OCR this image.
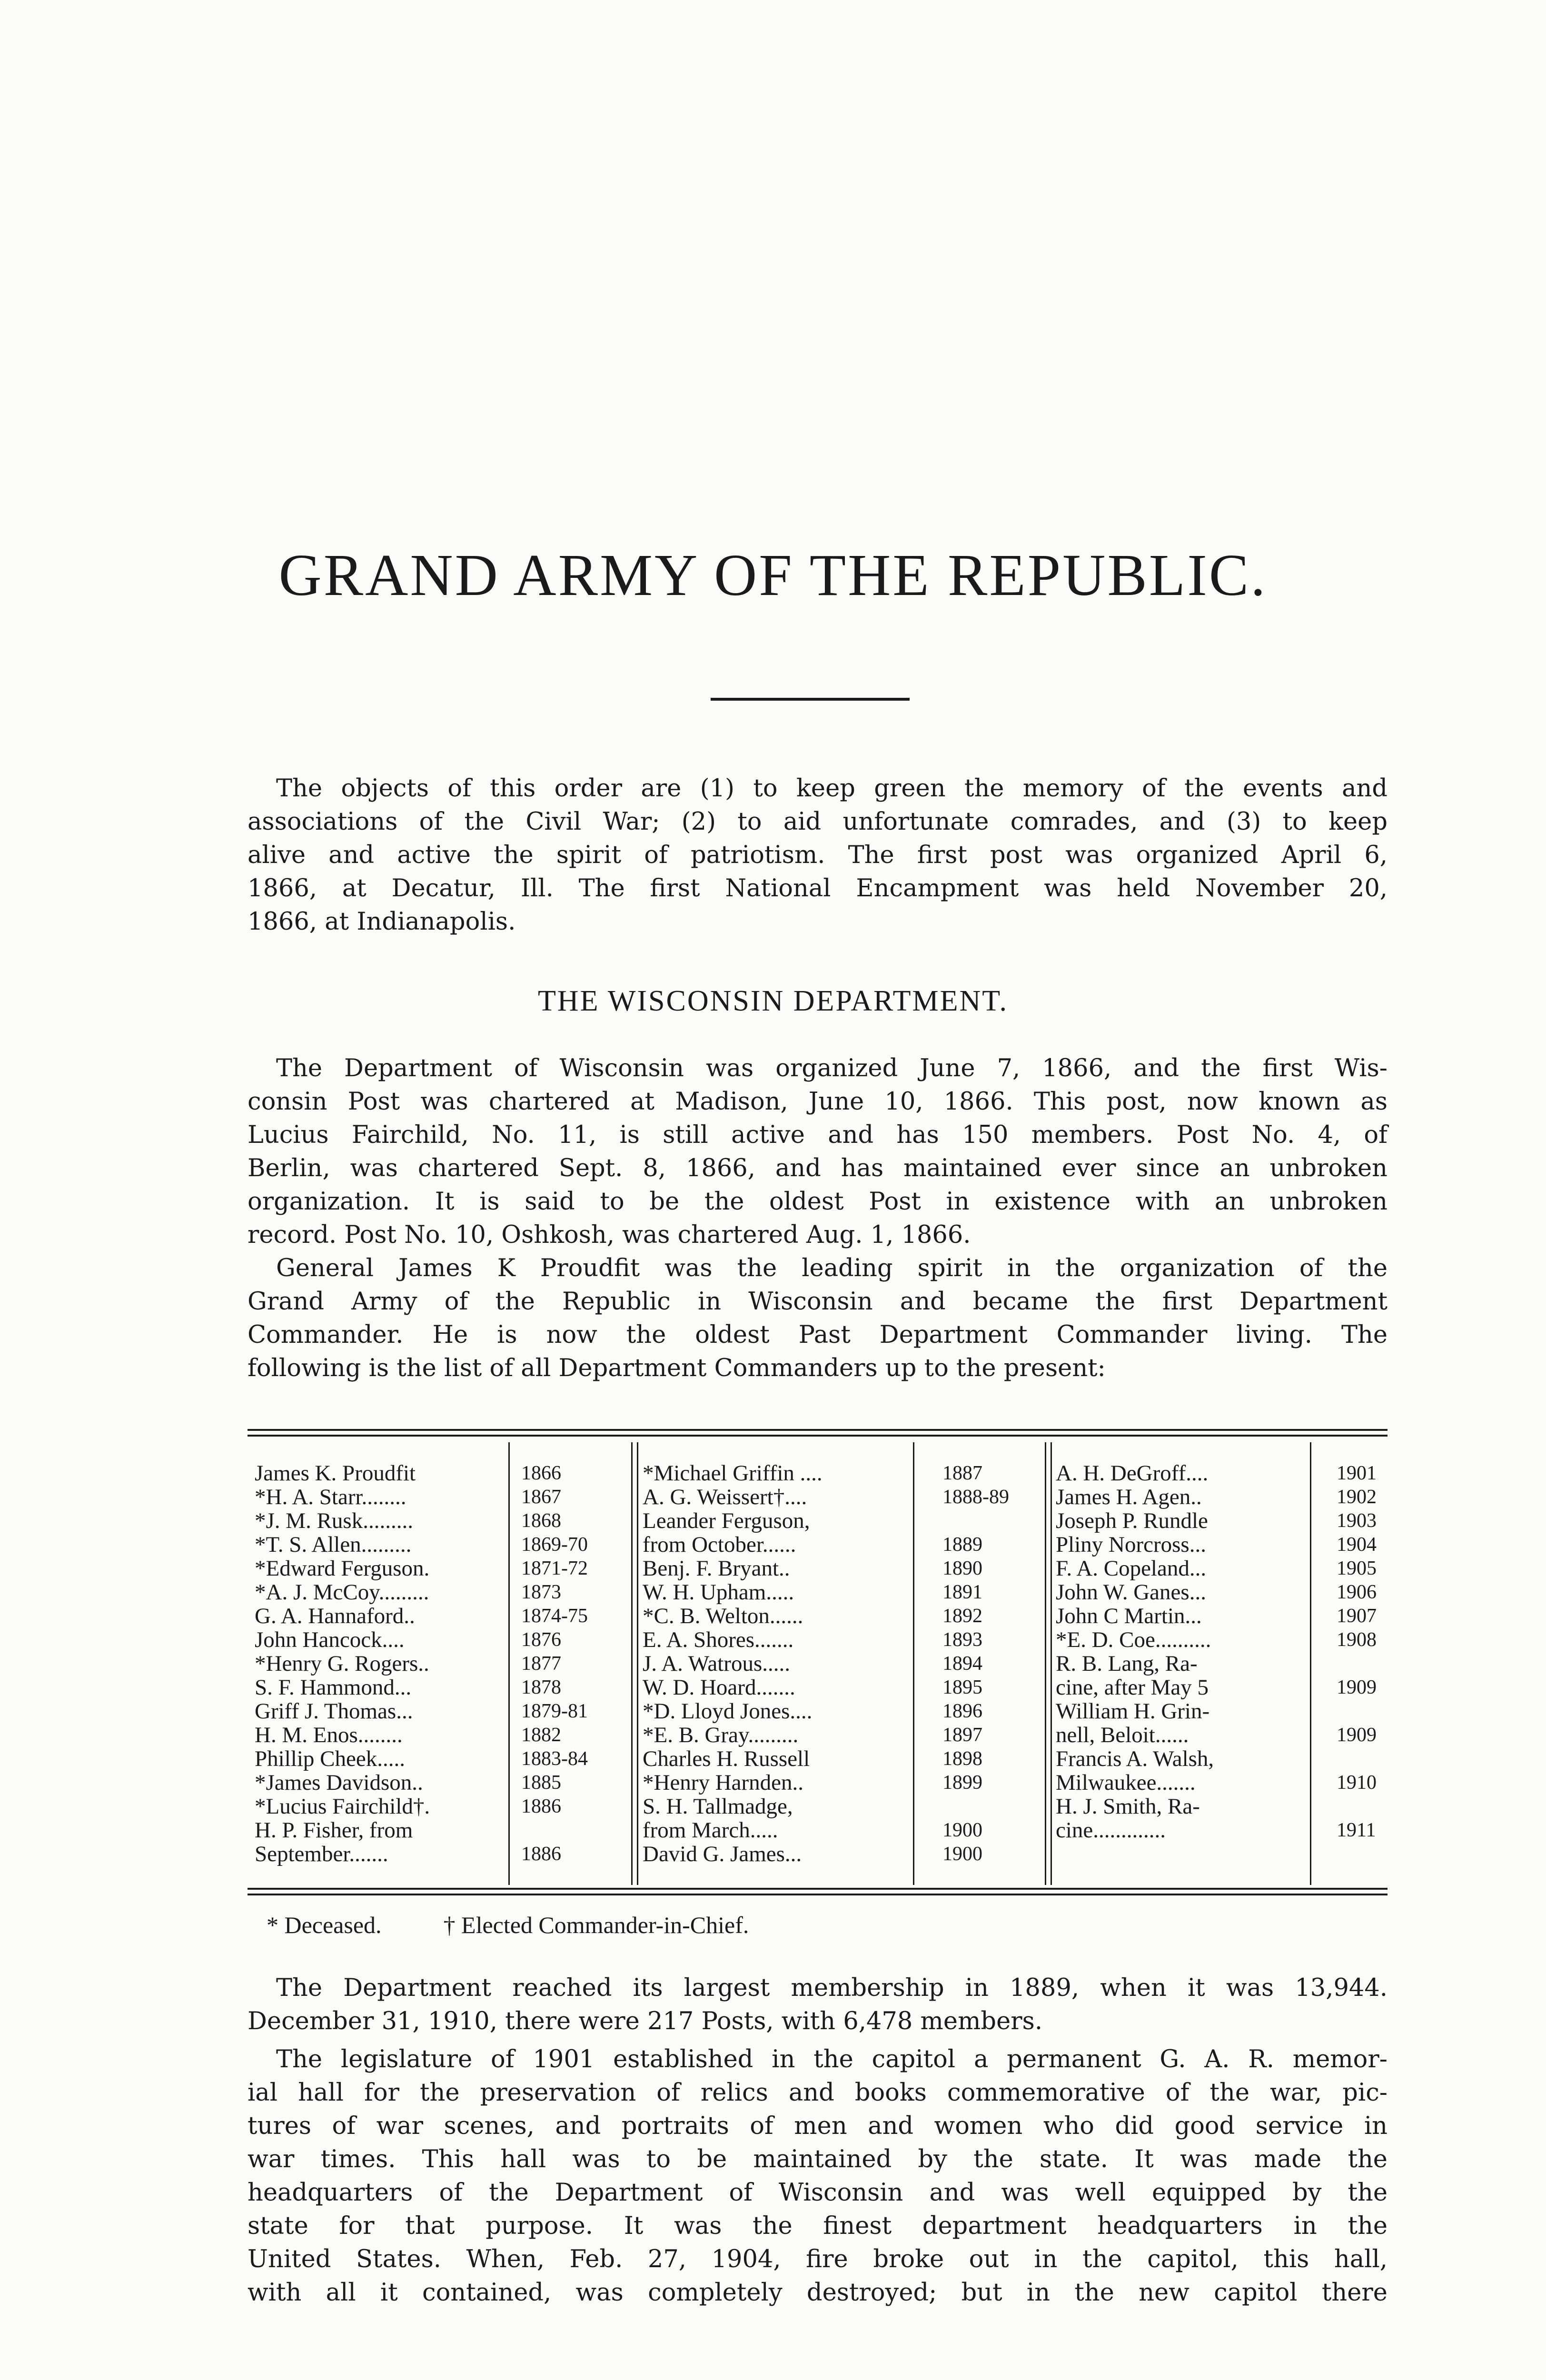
GRAND ARMY OF THE REPUBLIC.
The objects of this order are (1) to keep green the memory of the events and
associations of the Civil War; (2) to aid unfortunate comrades, and (3) to keep
alive and active the spirit of patriotism. The first post was organized April 6,
1866, at Decatur, Ill. The first National Encampment was held November 20,
1866, at Indianapolis.
THE WISCONSIN DEPARTMENT.
The Department of Wisconsin was organized June 7, 1866, and the first Wis-
consin Post was chartered at Madison, June 10, 1866. This post, now known as
Lucius Fairchild, No. 11, is still active and has 150 members. Post No. 4, of
Berlin, was chartered Sept. 8, 1866, and has maintained ever since an unbroken
organization. It is said to be the oldest Post in existence with an unbroken
record. Post No. 10, Oshkosh, was chartered Aug. 1, 1866.
General James K Proudfit was the leading spirit in the organization of the
Grand Army of the Republic in Wisconsin and became the first Department
Commander. He is now the oldest Past Department Commander living. The
following is the list of all Department Commanders up to the present:
James K. Proudfit	1866
*H. A. Starr........	1867
*J. M. Rusk.........	1868
*T. S. Allen.........	1869-70
*Edward Ferguson.	1871-72
*A. J. McCoy.........	1873
G. A. Hannaford..	1874-75
John Hancock....	1876
*Henry G. Rogers..	1877
S. F. Hammond...	1878
Griff J. Thomas...	1879-81
H. M. Enos........	1882
Phillip Cheek.....	1883-84
*James Davidson..	1885
*Lucius Fairchild†.	1886
H. P. Fisher, from
September.......	1886
*Michael Griffin ....	1887
A. G. Weissert†....	1888-89
Leander Ferguson,
from October......	1889
Benj. F. Bryant..	1890
W. H. Upham.....	1891
*C. B. Welton......	1892
E. A. Shores.......	1893
J. A. Watrous.....	1894
W. D. Hoard.......	1895
*D. Lloyd Jones....	1896
*E. B. Gray.........	1897
Charles H. Russell	1898
*Henry Harnden..	1899
S. H. Tallmadge,
from March.....	1900
David G. James...	1900
A. H. DeGroff....	1901
James H. Agen..	1902
Joseph P. Rundle	1903
Pliny Norcross...	1904
F. A. Copeland...	1905
John W. Ganes...	1906
John C Martin...	1907
*E. D. Coe..........	1908
R. B. Lang, Ra-
cine, after May 5	1909
William H. Grin-
nell, Beloit......	1909
Francis A. Walsh,
Milwaukee.......	1910
H. J. Smith, Ra-
cine.............	1911

* Deceased.	† Elected Commander-in-Chief.

The Department reached its largest membership in 1889, when it was 13,944.
December 31, 1910, there were 217 Posts, with 6,478 members.
The legislature of 1901 established in the capitol a permanent G. A. R. memor-
ial hall for the preservation of relics and books commemorative of the war, pic-
tures of war scenes, and portraits of men and women who did good service in
war times. This hall was to be maintained by the state. It was made the
headquarters of the Department of Wisconsin and was well equipped by the
state for that purpose. It was the finest department headquarters in the
United States. When, Feb. 27, 1904, fire broke out in the capitol, this hall,
with all it contained, was completely destroyed; but in the new capitol there
